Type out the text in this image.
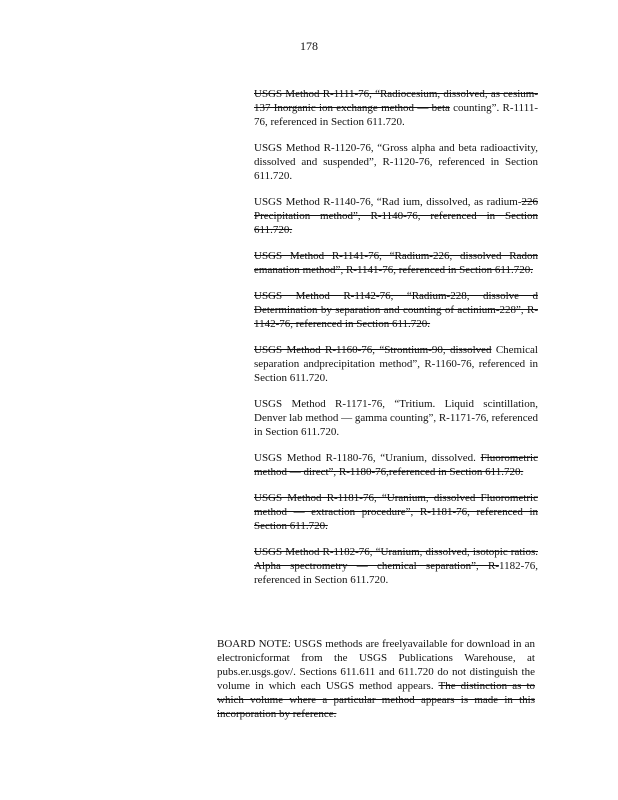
178

USGS Method R-1111-76, “Radiocesium, dissolved, as cesium-137 Inorganic ion exchange method — beta counting”. R-1111-76, referenced in Section 611.720.

USGS Method R-1120-76, “Gross alpha and beta radioactivity, dissolved and suspended”, R-1120-76, referenced in Section 611.720.

USGS Method R-1140-76, “Rad ium, dissolved, as radium-226 Precipitation method”, R-1140-76, referenced in Section 611.720.

USGS Method R-1141-76, “Radium-226, dissolved Radon emanation method”, R-1141-76, referenced in Section 611.720.

USGS Method R-1142-76, “Radium-228, dissolve d Determination by separation and counting of actinium-228”, R-1142-76, referenced in Section 611.720.

USGS Method R-1160-76, “Strontium-90, dissolved Chemical separation andprecipitation method”, R-1160-76, referenced in Section 611.720.

USGS Method R-1171-76, “Tritium. Liquid scintillation, Denver lab method — gamma counting”, R-1171-76, referenced in Section 611.720.

USGS Method R-1180-76, “Uranium, dissolved. Fluorometric method — direct”, R-1180-76,referenced in Section 611.720.

USGS Method R-1181-76, “Uranium, dissolved Fluorometric method — extraction procedure”, R-1181-76, referenced in Section 611.720.

USGS Method R-1182-76, “Uranium, dissolved, isotopic ratios. Alpha spectrometry — chemical separation”, R-1182-76, referenced in Section 611.720.

BOARD NOTE: USGS methods are freelyavailable for download in an electronicformat from the USGS Publications Warehouse, at pubs.er.usgs.gov/. Sections 611.611 and 611.720 do not distinguish the volume in which each USGS method appears. The distinction as to which volume where a particular method appears is made in this incorporation by reference.
